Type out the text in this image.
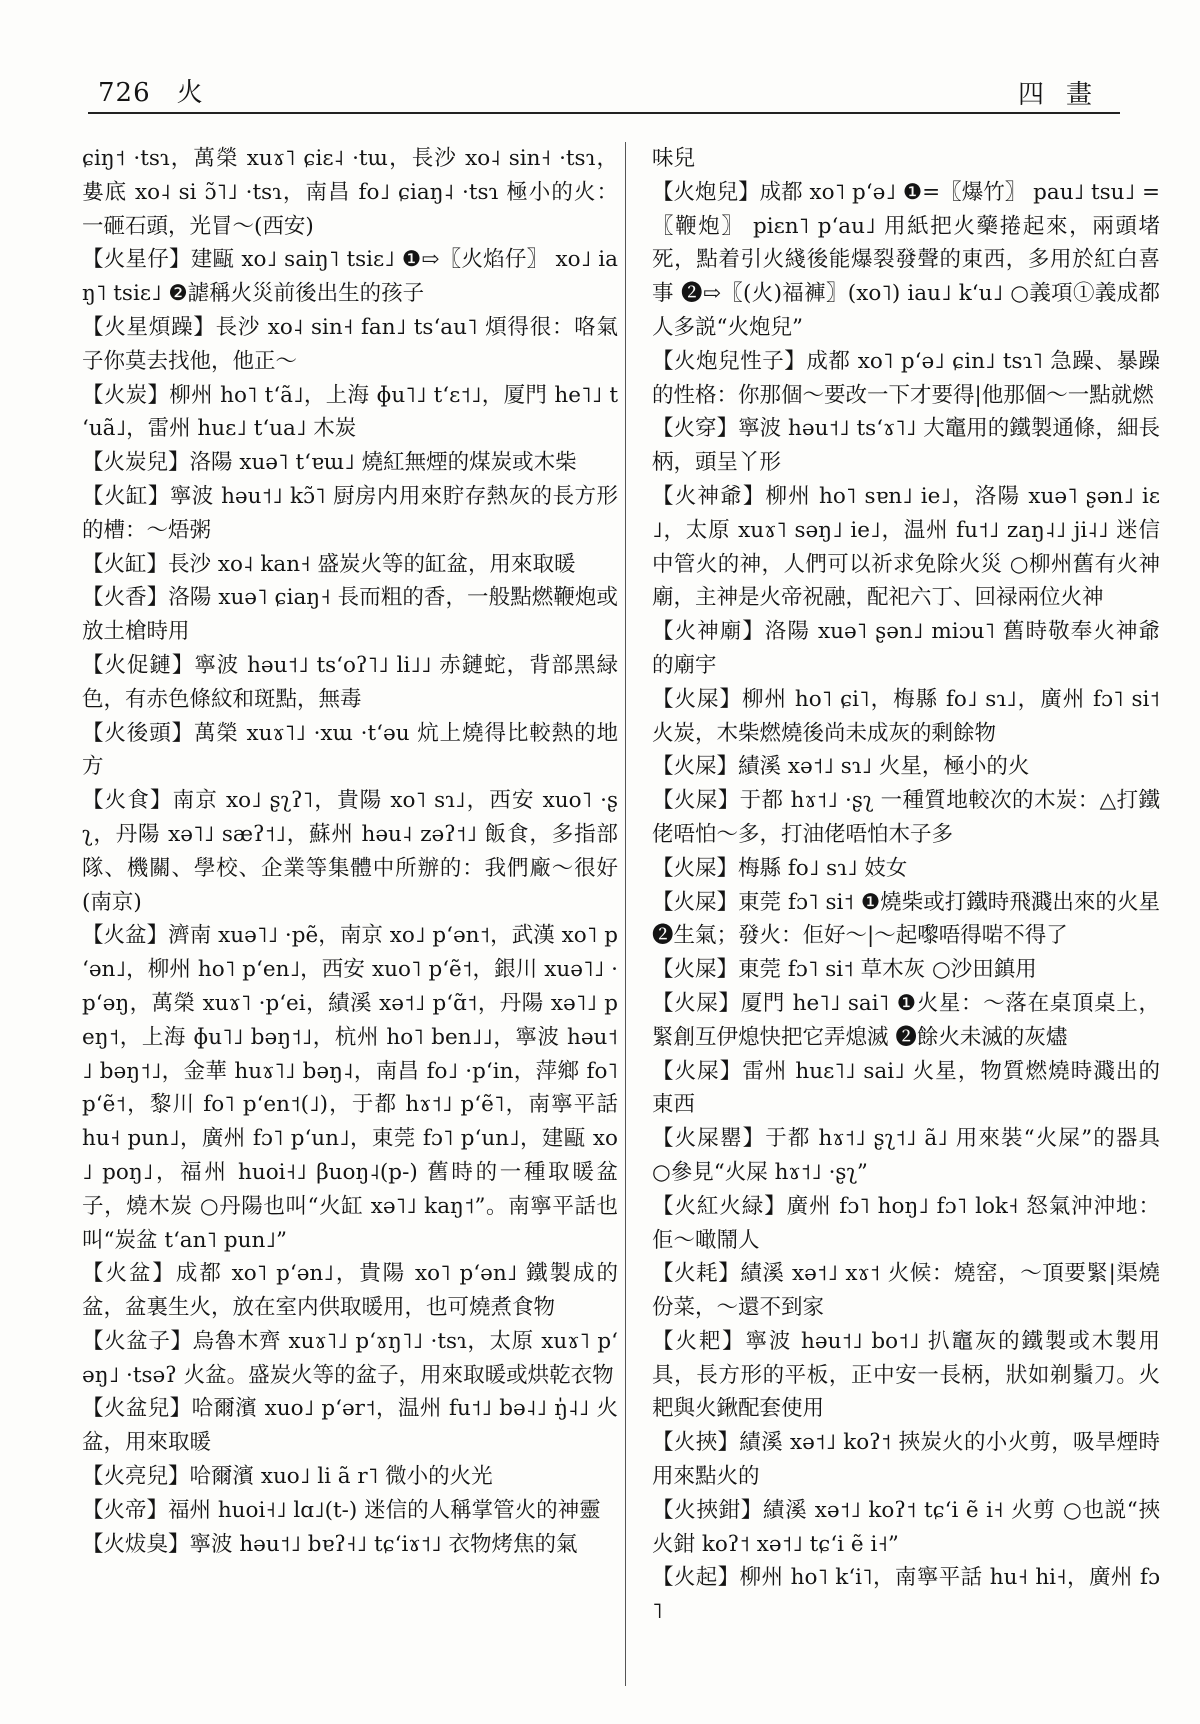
726 火	四畫

ɕiŋ˦ ·tsɿ，萬榮 xuɤ˥ ɕiɛ˨ ·tɯ，長沙 xo˨ sin˧ ·tsɿ，婁底 xo˨ si ɔ̃˥˩ ·tsɿ，南昌 fo˩ ɕiaŋ˨ ·tsɿ 極小的火：一砸石頭，光冒～(西安)

【火星仔】建甌 xo˩ saiŋ˥ tsiɛ˩ ❶⇨〖火焰仔〗 xo˩ iaŋ˥ tsiɛ˩ ❷謔稱火災前後出生的孩子

【火星煩躁】長沙 xo˨ sin˧ fan˩ tsʻau˥ 煩得很：咯氣子你莫去找他，他正～

【火炭】柳州 ho˥ tʻã˩，上海 ɸu˥˩ tʻɛ˦˩，厦門 he˥˩ tʻuã˩，雷州 huɛ˩ tʻua˩ 木炭

【火炭兒】洛陽 xuə˥ tʻɐɯ˩ 燒紅無煙的煤炭或木柴

【火缸】寧波 həu˦˩ kɔ̃˥ 厨房内用來貯存熱灰的長方形的槽：～焐粥

【火缸】長沙 xo˨ kan˧ 盛炭火等的缸盆，用來取暖

【火香】洛陽 xuə˥ ɕiaŋ˧ 長而粗的香，一般點燃鞭炮或放土槍時用

【火促鏈】寧波 həu˦˩ tsʻoʔ˥˩ li˩˩ 赤鏈蛇，背部黑緑色，有赤色條紋和斑點，無毒

【火後頭】萬榮 xuɤ˥˩ ·xɯ ·tʻəu 炕上燒得比較熱的地方

【火食】南京 xo˩ ʂʅʔ˥，貴陽 xo˥ sɿ˩，西安 xuo˥ ·ʂʅ，丹陽 xə˥˩ sæʔ˦˩，蘇州 həu˨ zəʔ˦˩ 飯食，多指部隊、機關、學校、企業等集體中所辦的：我們廠～很好(南京)

【火盆】濟南 xuə˥˩ ·pẽ，南京 xo˩ pʻən˦，武漢 xo˥ pʻən˩，柳州 ho˥ pʻen˩，西安 xuo˥ pʻẽ˦，銀川 xuə˥˩ ·pʻəŋ，萬榮 xuɤ˥ ·pʻei，績溪 xə˦˩ pʻɑ̃˦，丹陽 xə˥˩ peŋ˦，上海 ɸu˥˩ bəŋ˦˩，杭州 ho˥ ben˩˩，寧波 həu˦˩ bəŋ˦˩，金華 huɤ˥˩ bəŋ˨，南昌 fo˩ ·pʻin，萍鄉 fo˥ pʻẽ˦，黎川 fo˥ pʻen˦(˩)，于都 hɤ˦˩ pʻẽ˥，南寧平話 hu˧ pun˩，廣州 fɔ˥ pʻun˩，東莞 fɔ˥ pʻun˩，建甌 xo˩ poŋ˩，福州 huoi˧˩ βuoŋ˨(p-) 舊時的一種取暖盆子，燒木炭 ○丹陽也叫“火缸 xə˥˩ kaŋ˦”。南寧平話也叫“炭盆 tʻan˥ pun˩”

【火盆】成都 xo˥ pʻən˩，貴陽 xo˥ pʻən˩ 鐵製成的盆，盆裏生火，放在室内供取暖用，也可燒煮食物

【火盆子】烏魯木齊 xuɤ˥˩ pʻɤŋ˥˩ ·tsɿ，太原 xuɤ˥ pʻəŋ˩ ·tsəʔ 火盆。盛炭火等的盆子，用來取暖或烘乾衣物

【火盆兒】哈爾濱 xuo˩ pʻər˦，温州 fu˦˩ bə˨˩ ŋ̍˨˩ 火盆，用來取暖

【火亮兒】哈爾濱 xuo˩ li ã r˥ 微小的火光

【火帝】福州 huoi˧˩ lɑ˩(t-) 迷信的人稱掌管火的神靈

【火炦臭】寧波 həu˦˩ bɐʔ˧˩ tɕʻiɤ˦˩ 衣物烤焦的氣

味兒

【火炮兒】成都 xo˥ pʻə˩ ❶=〖爆竹〗 pau˩ tsu˩ =〖鞭炮〗 piɛn˥ pʻau˩ 用紙把火藥捲起來，兩頭堵死，點着引火綫後能爆裂發聲的東西，多用於紅白喜事 ❷⇨〖(火)福褲〗(xo˥) iau˩ kʻu˩ ○義項①義成都人多説“火炮兒”

【火炮兒性子】成都 xo˥ pʻə˩ ɕin˩ tsɿ˥ 急躁、暴躁的性格：你那個～要改一下才要得|他那個～一點就燃

【火穿】寧波 həu˦˩ tsʻɤ˥˩ 大竈用的鐵製通條，細長柄，頭呈丫形

【火神爺】柳州 ho˥ sɐn˩ ie˩，洛陽 xuə˥ ʂən˩ iɛ˩，太原 xuɤ˥ səŋ˩ ie˩，温州 fu˦˩ zaŋ˨˩ ji˨˩ 迷信中管火的神，人們可以祈求免除火災 ○柳州舊有火神廟，主神是火帝祝融，配祀六丁、回禄兩位火神

【火神廟】洛陽 xuə˥ ʂən˩ miɔu˥ 舊時敬奉火神爺的廟宇

【火屎】柳州 ho˥ ɕi˥，梅縣 fo˩ sɿ˩，廣州 fɔ˥ si˦ 火炭，木柴燃燒後尚未成灰的剩餘物

【火屎】績溪 xə˦˩ sɿ˩ 火星，極小的火

【火屎】于都 hɤ˦˩ ·ʂʅ 一種質地較次的木炭：△打鐵佬唔怕～多，打油佬唔怕木子多

【火屎】梅縣 fo˩ sɿ˩ 妓女

【火屎】東莞 fɔ˥ si˦ ❶燒柴或打鐵時飛濺出來的火星 ❷生氣；發火：佢好～|～起嚟唔得啱不得了

【火屎】東莞 fɔ˥ si˦ 草木灰 ○沙田鎮用

【火屎】厦門 he˥˩ sai˥ ❶火星：～落在桌頂桌上，緊創互伊熄快把它弄熄滅 ❷餘火未滅的灰燼

【火屎】雷州 huɛ˥˩ sai˩ 火星，物質燃燒時濺出的東西

【火屎罌】于都 hɤ˦˩ ʂʅ˦˩ ã˩ 用來裝“火屎”的器具 ○參見“火屎 hɤ˦˩ ·ʂʅ”

【火紅火緑】廣州 fɔ˥ hoŋ˩ fɔ˥ lok˧ 怒氣沖沖地：佢～噉鬧人

【火耗】績溪 xə˦˩ xɤ˦ 火候：燒窑，～頂要緊|渠燒份菜，～還不到家

【火耙】寧波 həu˦˩ bo˦˩ 扒竈灰的鐵製或木製用具，長方形的平板，正中安一長柄，狀如剃鬚刀。火耙與火鍬配套使用

【火挾】績溪 xə˦˩ koʔ˦ 挾炭火的小火剪，吸旱煙時用來點火的

【火挾鉗】績溪 xə˦˩ koʔ˦ tɕʻi ẽ i˧ 火剪 ○也説“挾火鉗 koʔ˦ xə˦˩ tɕʻi ẽ i˧”

【火起】柳州 ho˥ kʻi˥，南寧平話 hu˧ hi˧，廣州 fɔ˥
